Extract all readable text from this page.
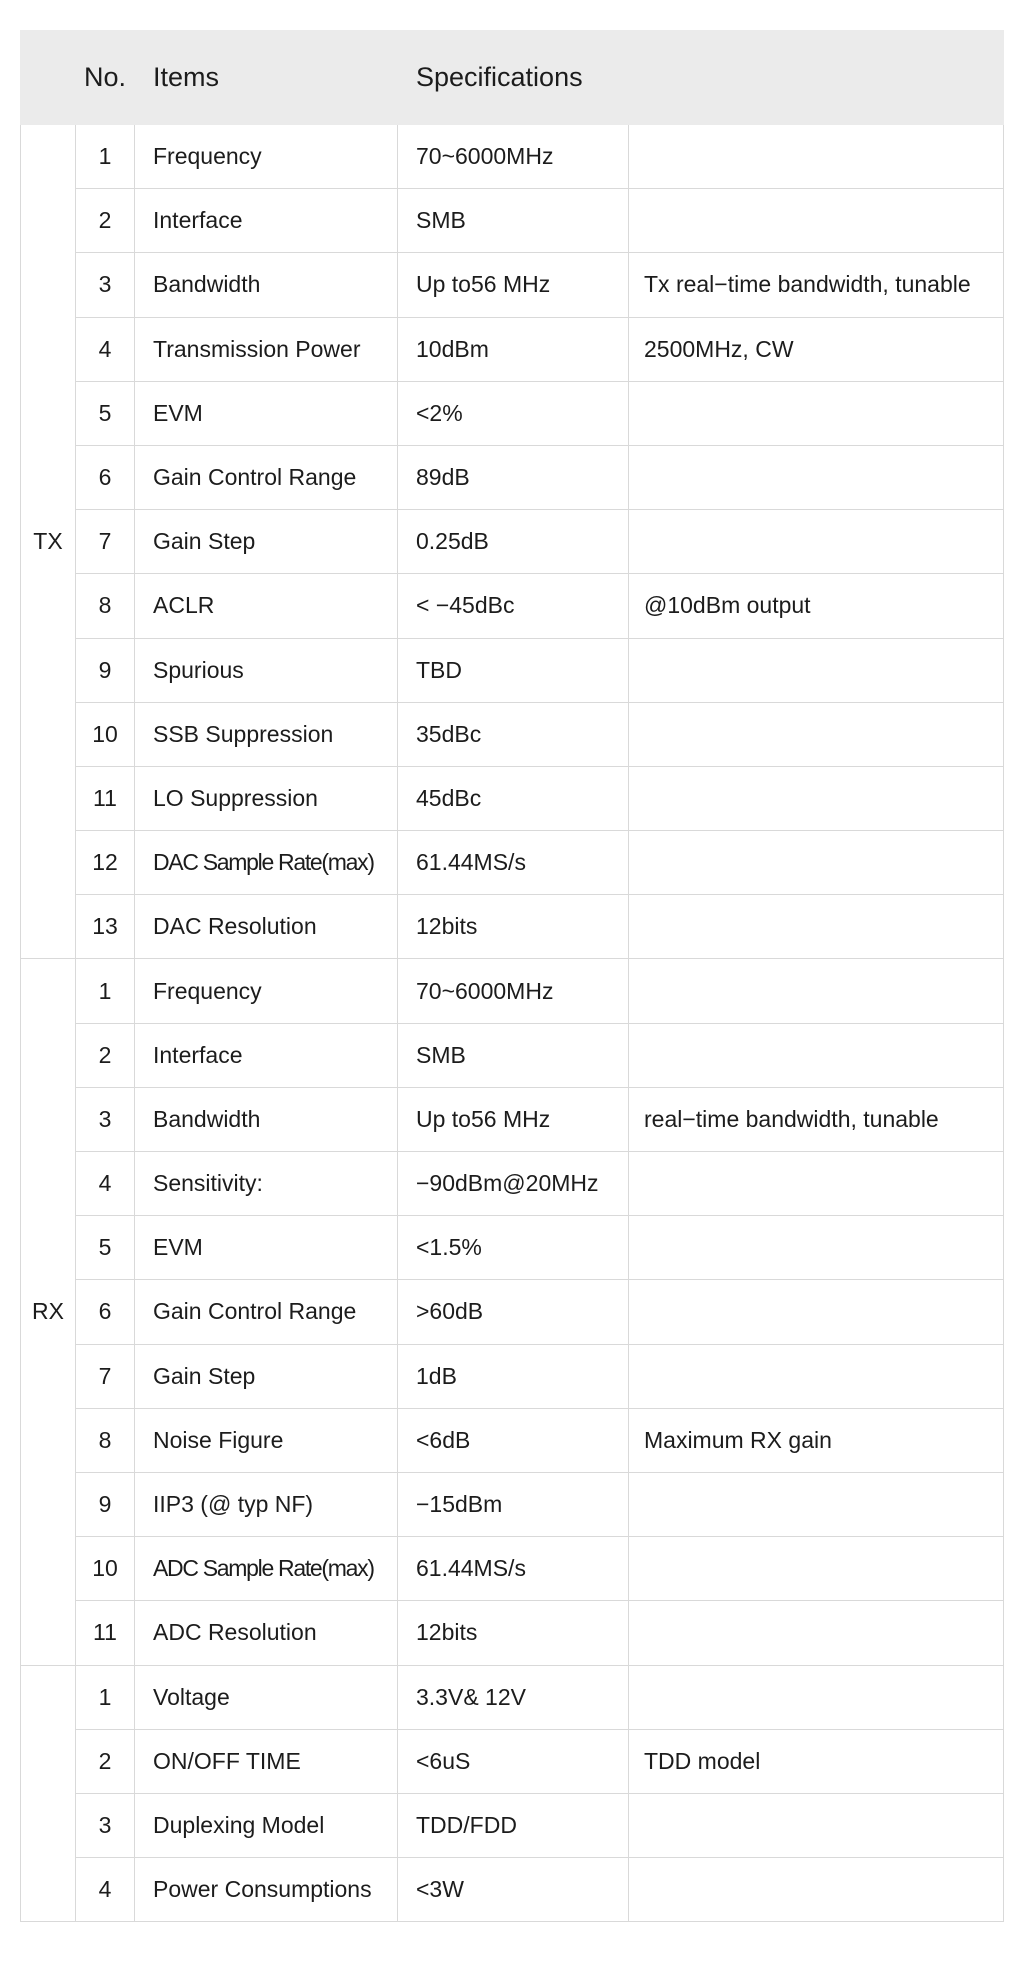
	No.	Items	Specifications	
TX	1	Frequency	70~6000MHz	
	2	Interface	SMB	
	3	Bandwidth	Up to56 MHz	Tx real−time bandwidth, tunable
	4	Transmission Power	10dBm	2500MHz, CW
	5	EVM	<2%	
	6	Gain Control Range	89dB	
	7	Gain Step	0.25dB	
	8	ACLR	< −45dBc	@10dBm output
	9	Spurious	TBD	
	10	SSB Suppression	35dBc	
	11	LO Suppression	45dBc	
	12	DAC Sample Rate(max)	61.44MS/s	
	13	DAC Resolution	12bits	
RX	1	Frequency	70~6000MHz	
	2	Interface	SMB	
	3	Bandwidth	Up to56 MHz	real−time bandwidth, tunable
	4	Sensitivity:	−90dBm@20MHz	
	5	EVM	<1.5%	
	6	Gain Control Range	>60dB	
	7	Gain Step	1dB	
	8	Noise Figure	<6dB	Maximum RX gain
	9	IIP3 (@ typ NF)	−15dBm	
	10	ADC Sample Rate(max)	61.44MS/s	
	11	ADC Resolution	12bits	
	1	Voltage	3.3V& 12V	
	2	ON/OFF TIME	<6uS	TDD model
	3	Duplexing Model	TDD/FDD	
	4	Power Consumptions	<3W	
